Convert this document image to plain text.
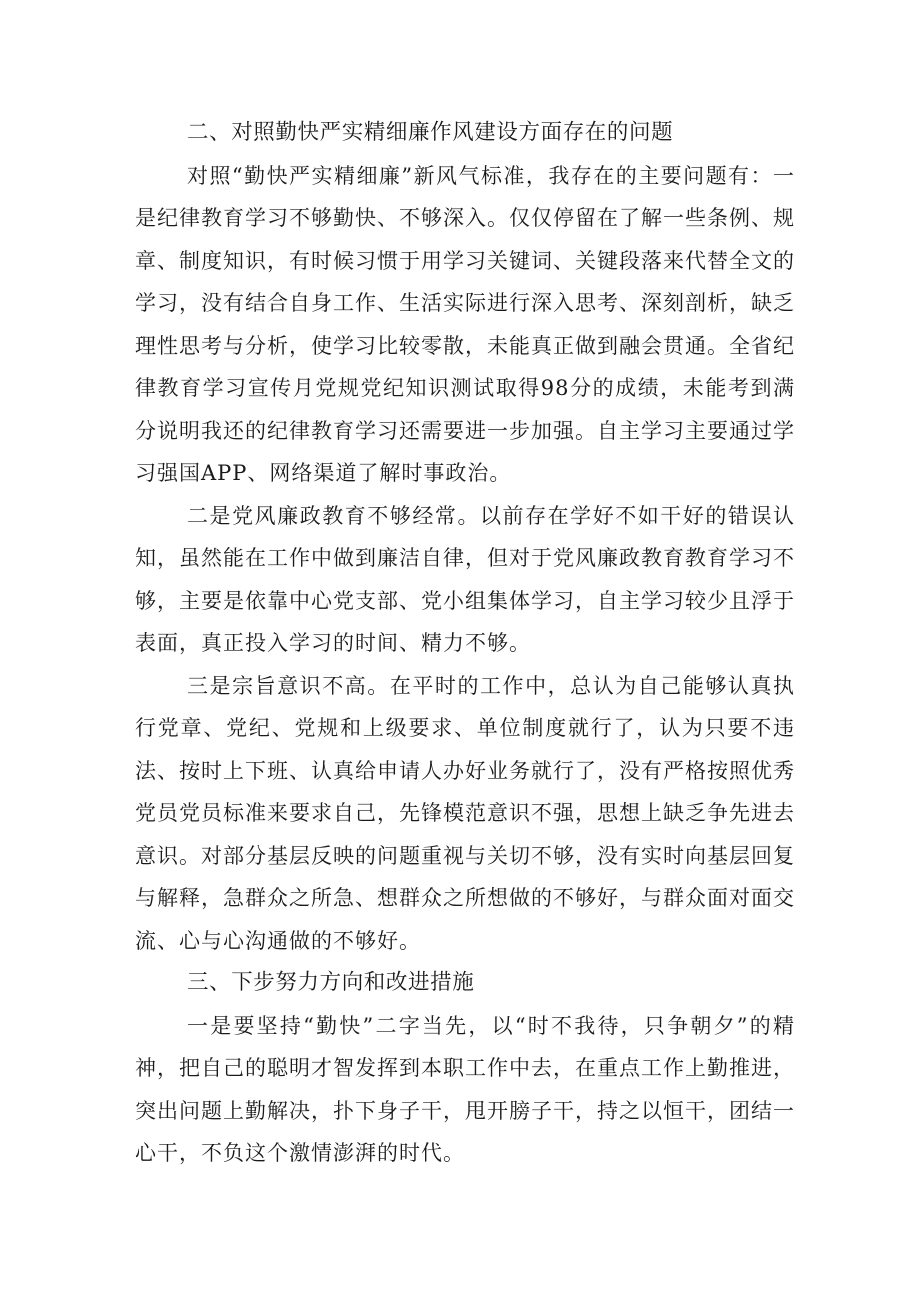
二、对照勤快严实精细廉作风建设方面存在的问题

对照“勤快严实精细廉”新风气标准，我存在的主要问题有：一是纪律教育学习不够勤快、不够深入。仅仅停留在了解一些条例、规章、制度知识，有时候习惯于用学习关键词、关键段落来代替全文的学习，没有结合自身工作、生活实际进行深入思考、深刻剖析，缺乏理性思考与分析，使学习比较零散，未能真正做到融会贯通。全省纪律教育学习宣传月党规党纪知识测试取得98分的成绩，未能考到满分说明我还的纪律教育学习还需要进一步加强。自主学习主要通过学习强国APP、网络渠道了解时事政治。

二是党风廉政教育不够经常。以前存在学好不如干好的错误认知，虽然能在工作中做到廉洁自律，但对于党风廉政教育教育学习不够，主要是依靠中心党支部、党小组集体学习，自主学习较少且浮于表面，真正投入学习的时间、精力不够。

三是宗旨意识不高。在平时的工作中，总认为自己能够认真执行党章、党纪、党规和上级要求、单位制度就行了，认为只要不违法、按时上下班、认真给申请人办好业务就行了，没有严格按照优秀党员党员标准来要求自己，先锋模范意识不强，思想上缺乏争先进去意识。对部分基层反映的问题重视与关切不够，没有实时向基层回复与解释，急群众之所急、想群众之所想做的不够好，与群众面对面交流、心与心沟通做的不够好。

三、下步努力方向和改进措施

一是要坚持“勤快”二字当先，以“时不我待，只争朝夕”的精神，把自己的聪明才智发挥到本职工作中去，在重点工作上勤推进，突出问题上勤解决，扑下身子干，甩开膀子干，持之以恒干，团结一心干，不负这个激情澎湃的时代。
